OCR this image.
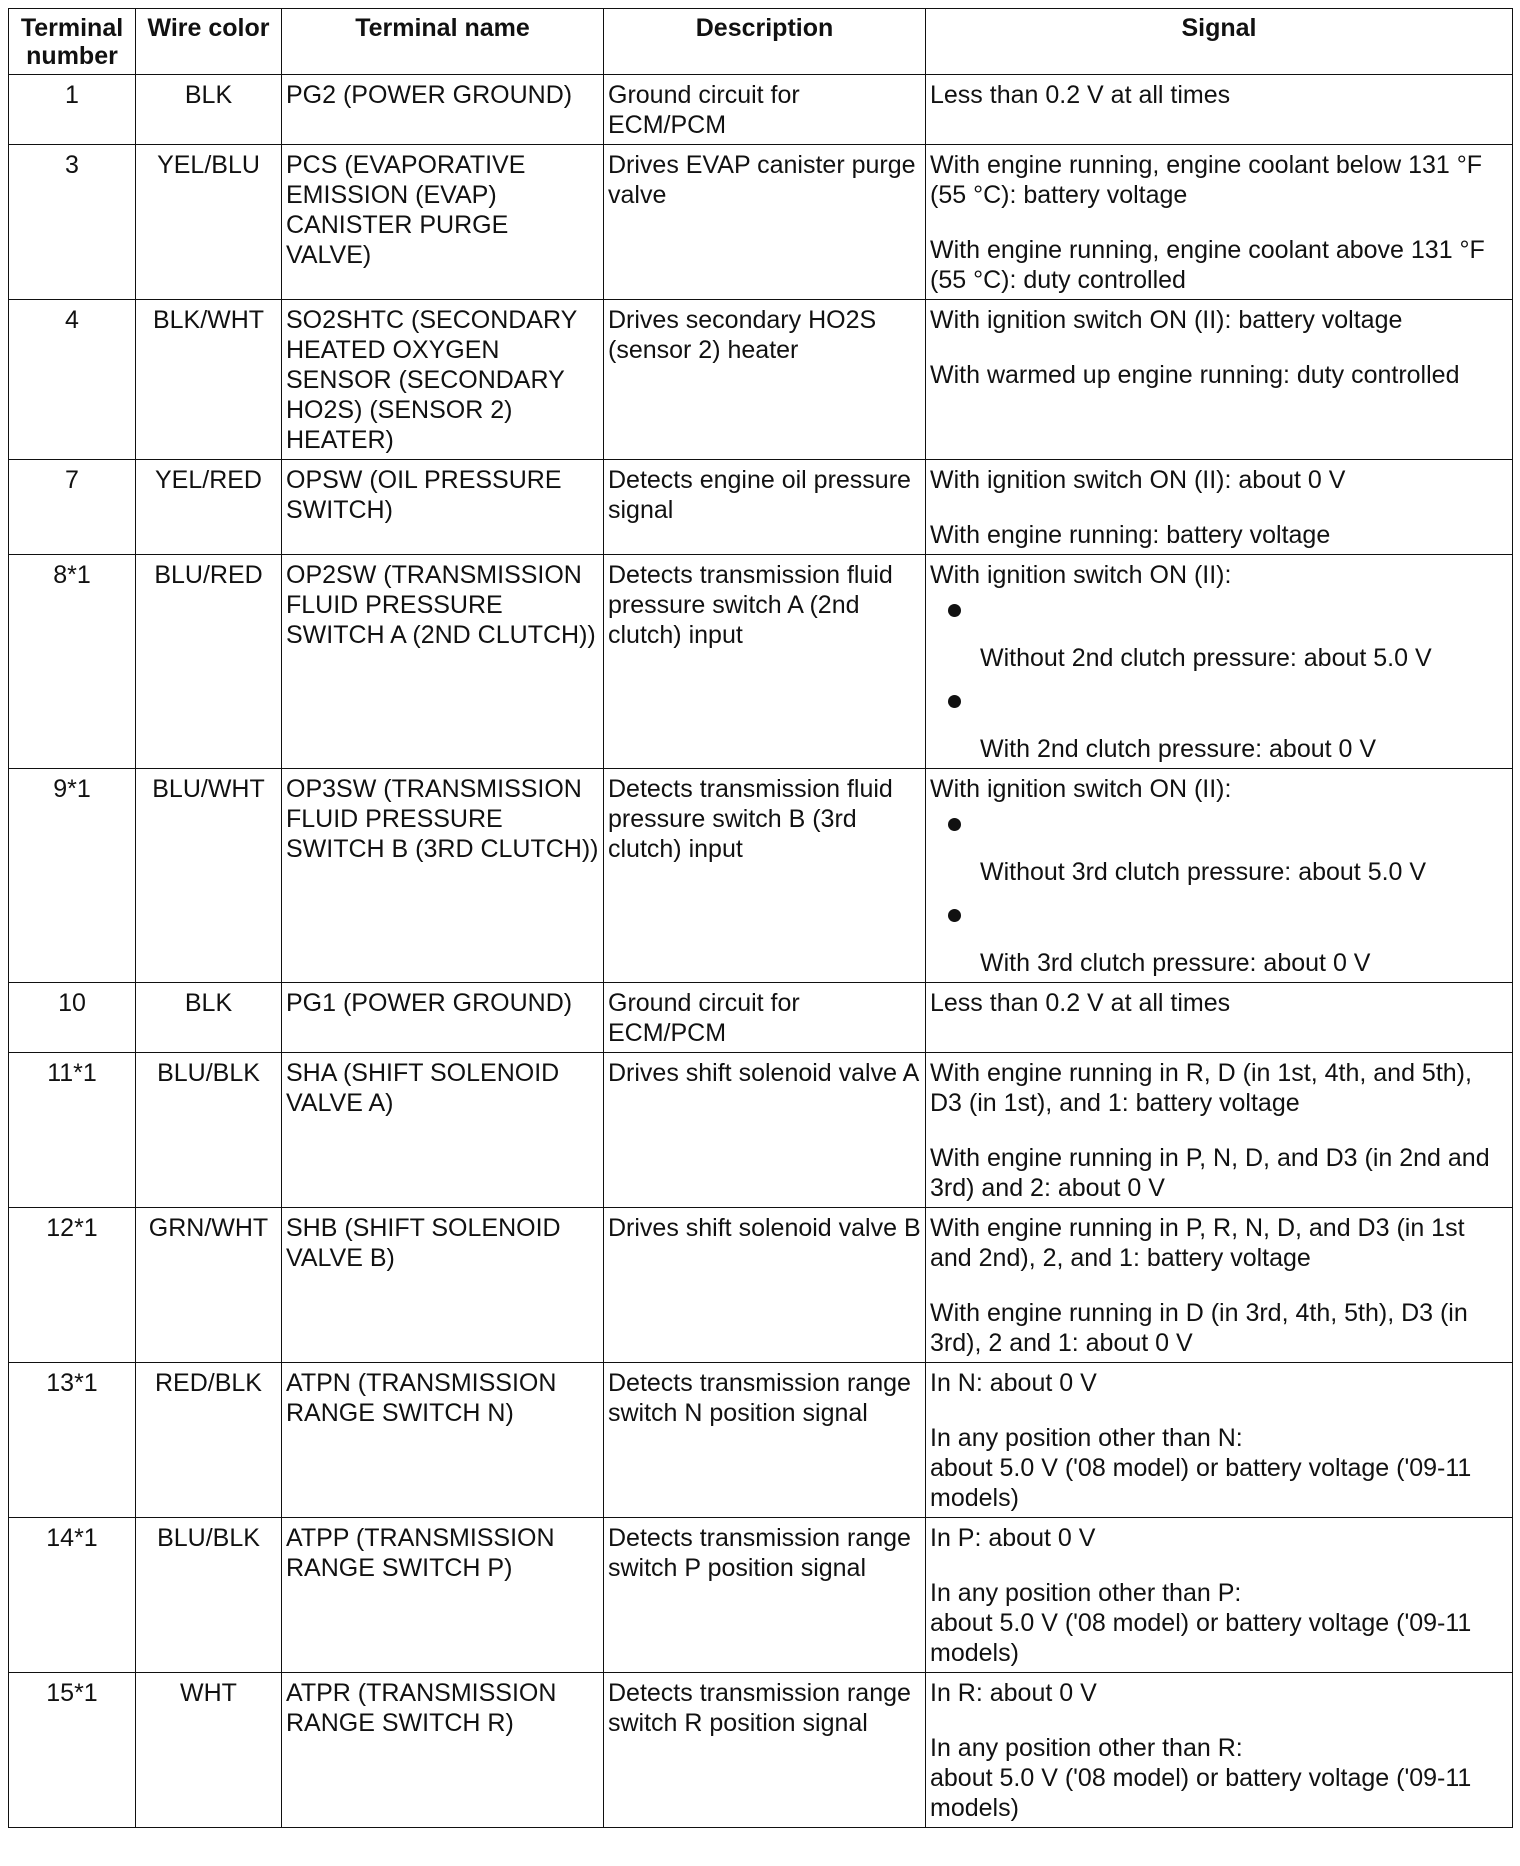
Terminal number	Wire color	Terminal name	Description	Signal
1	BLK	PG2 (POWER GROUND)	Ground circuit for ECM/PCM	Less than 0.2 V at all times

3	YEL/BLU	PCS (EVAPORATIVE EMISSION (EVAP) CANISTER PURGE VALVE)	Drives EVAP canister purge valve	With engine running, engine coolant below 131 °F (55 °C): battery voltage
With engine running, engine coolant above 131 °F (55 °C): duty controlled

4	BLK/WHT	SO2SHTC (SECONDARY HEATED OXYGEN SENSOR (SECONDARY HO2S) (SENSOR 2) HEATER)	Drives secondary HO2S (sensor 2) heater	With ignition switch ON (II): battery voltage
With warmed up engine running: duty controlled

7	YEL/RED	OPSW (OIL PRESSURE SWITCH)	Detects engine oil pressure signal	With ignition switch ON (II): about 0 V
With engine running: battery voltage

8*1	BLU/RED	OP2SW (TRANSMISSION FLUID PRESSURE SWITCH A (2ND CLUTCH))	Detects transmission fluid pressure switch A (2nd clutch) input	With ignition switch ON (II):
Without 2nd clutch pressure: about 5.0 V
With 2nd clutch pressure: about 0 V

9*1	BLU/WHT	OP3SW (TRANSMISSION FLUID PRESSURE SWITCH B (3RD CLUTCH))	Detects transmission fluid pressure switch B (3rd clutch) input	With ignition switch ON (II):
Without 3rd clutch pressure: about 5.0 V
With 3rd clutch pressure: about 0 V

10	BLK	PG1 (POWER GROUND)	Ground circuit for ECM/PCM	Less than 0.2 V at all times

11*1	BLU/BLK	SHA (SHIFT SOLENOID VALVE A)	Drives shift solenoid valve A	With engine running in R, D (in 1st, 4th, and 5th), D3 (in 1st), and 1: battery voltage
With engine running in P, N, D, and D3 (in 2nd and 3rd) and 2: about 0 V

12*1	GRN/WHT	SHB (SHIFT SOLENOID VALVE B)	Drives shift solenoid valve B	With engine running in P, R, N, D, and D3 (in 1st and 2nd), 2, and 1: battery voltage
With engine running in D (in 3rd, 4th, 5th), D3 (in 3rd), 2 and 1: about 0 V

13*1	RED/BLK	ATPN (TRANSMISSION RANGE SWITCH N)	Detects transmission range switch N position signal	In N: about 0 V
In any position other than N:
about 5.0 V ('08 model) or battery voltage ('09-11 models)

14*1	BLU/BLK	ATPP (TRANSMISSION RANGE SWITCH P)	Detects transmission range switch P position signal	In P: about 0 V
In any position other than P:
about 5.0 V ('08 model) or battery voltage ('09-11 models)

15*1	WHT	ATPR (TRANSMISSION RANGE SWITCH R)	Detects transmission range switch R position signal	In R: about 0 V
In any position other than R:
about 5.0 V ('08 model) or battery voltage ('09-11 models)
